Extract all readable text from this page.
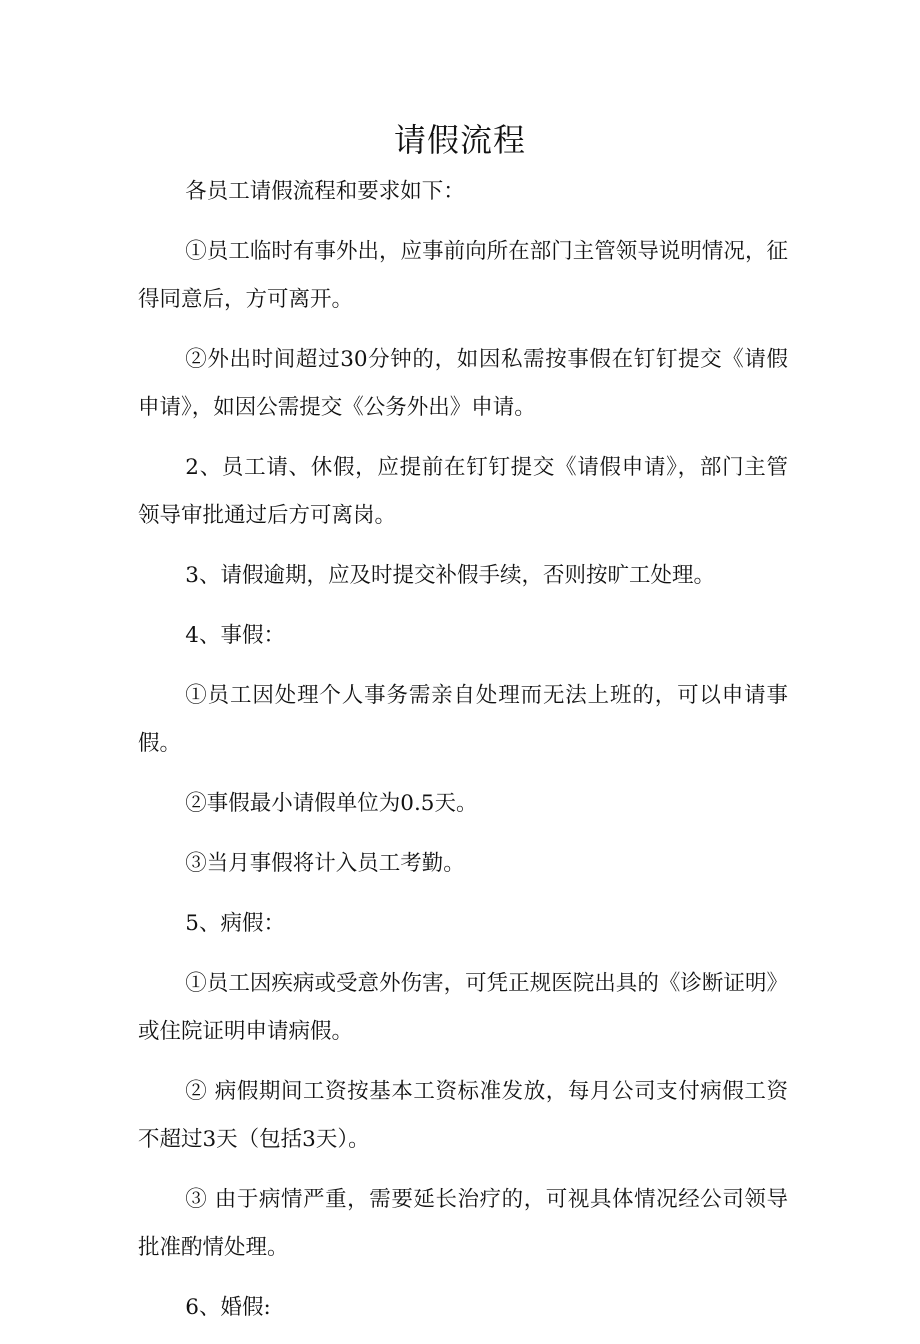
请假流程

各员工请假流程和要求如下：

①员工临时有事外出，应事前向所在部门主管领导说明情况，征得同意后，方可离开。

②外出时间超过30分钟的，如因私需按事假在钉钉提交《请假申请》，如因公需提交《公务外出》申请。

2、员工请、休假，应提前在钉钉提交《请假申请》，部门主管领导审批通过后方可离岗。

3、请假逾期，应及时提交补假手续，否则按旷工处理。

4、事假：

①员工因处理个人事务需亲自处理而无法上班的，可以申请事假。

②事假最小请假单位为0.5天。

③当月事假将计入员工考勤。

5、病假：

①员工因疾病或受意外伤害，可凭正规医院出具的《诊断证明》或住院证明申请病假。

② 病假期间工资按基本工资标准发放，每月公司支付病假工资不超过3天（包括3天）。

③ 由于病情严重，需要延长治疗的，可视具体情况经公司领导批准酌情处理。

6、婚假:
